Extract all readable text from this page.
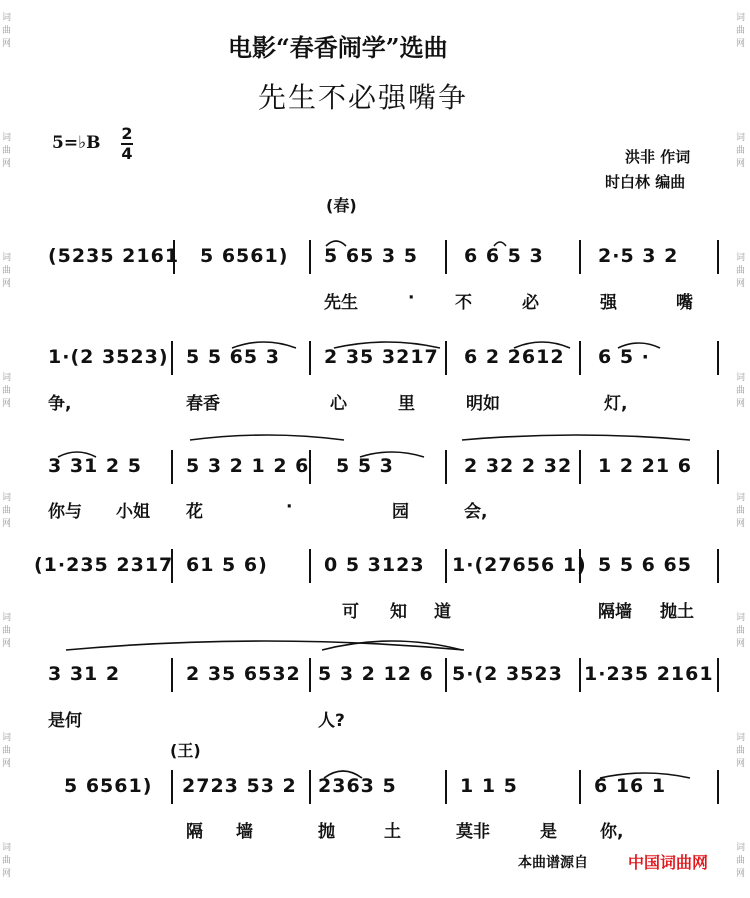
词曲网
词曲网
词曲网
词曲网
词曲网
词曲网
词曲网
词曲网
词曲网
词曲网
词曲网
词曲网
词曲网
词曲网
词曲网
词曲网
电影“春香闹学”选曲
先生不必强嘴争
5=♭B 2
4	洪非 作词
时白林 编曲
(春)
(5235 2161 5 6561) 5 65 3 5 6 6 5 3	2·5 3 2
先生	· 不	必	强	嘴
1·(2 3523) 5 5 65 3 2 35 3217 6 2 2612 6 5 ·
争,	春香	心	里	明如	灯,
3 31 2 5 5 3 2 1 2 6 5 5 3	2 32 2 32 1 2 21 6
你与 小姐 花	·	园	会,
(1·235 2317 61 5 6)	0 5 3123 1·(27656 1) 5 5 6 65
可 知 道	隔墙 抛土
3 31 2	2 35 6532 5 3 2 12 6 5·(2 3523 1·235 2161
是何	人?
(王)
5 6561) 2723 53 2 2363 5	1 1 5	6 16 1
隔 墙	抛	土	莫非	是	你,
本曲谱源自	中国词曲网
